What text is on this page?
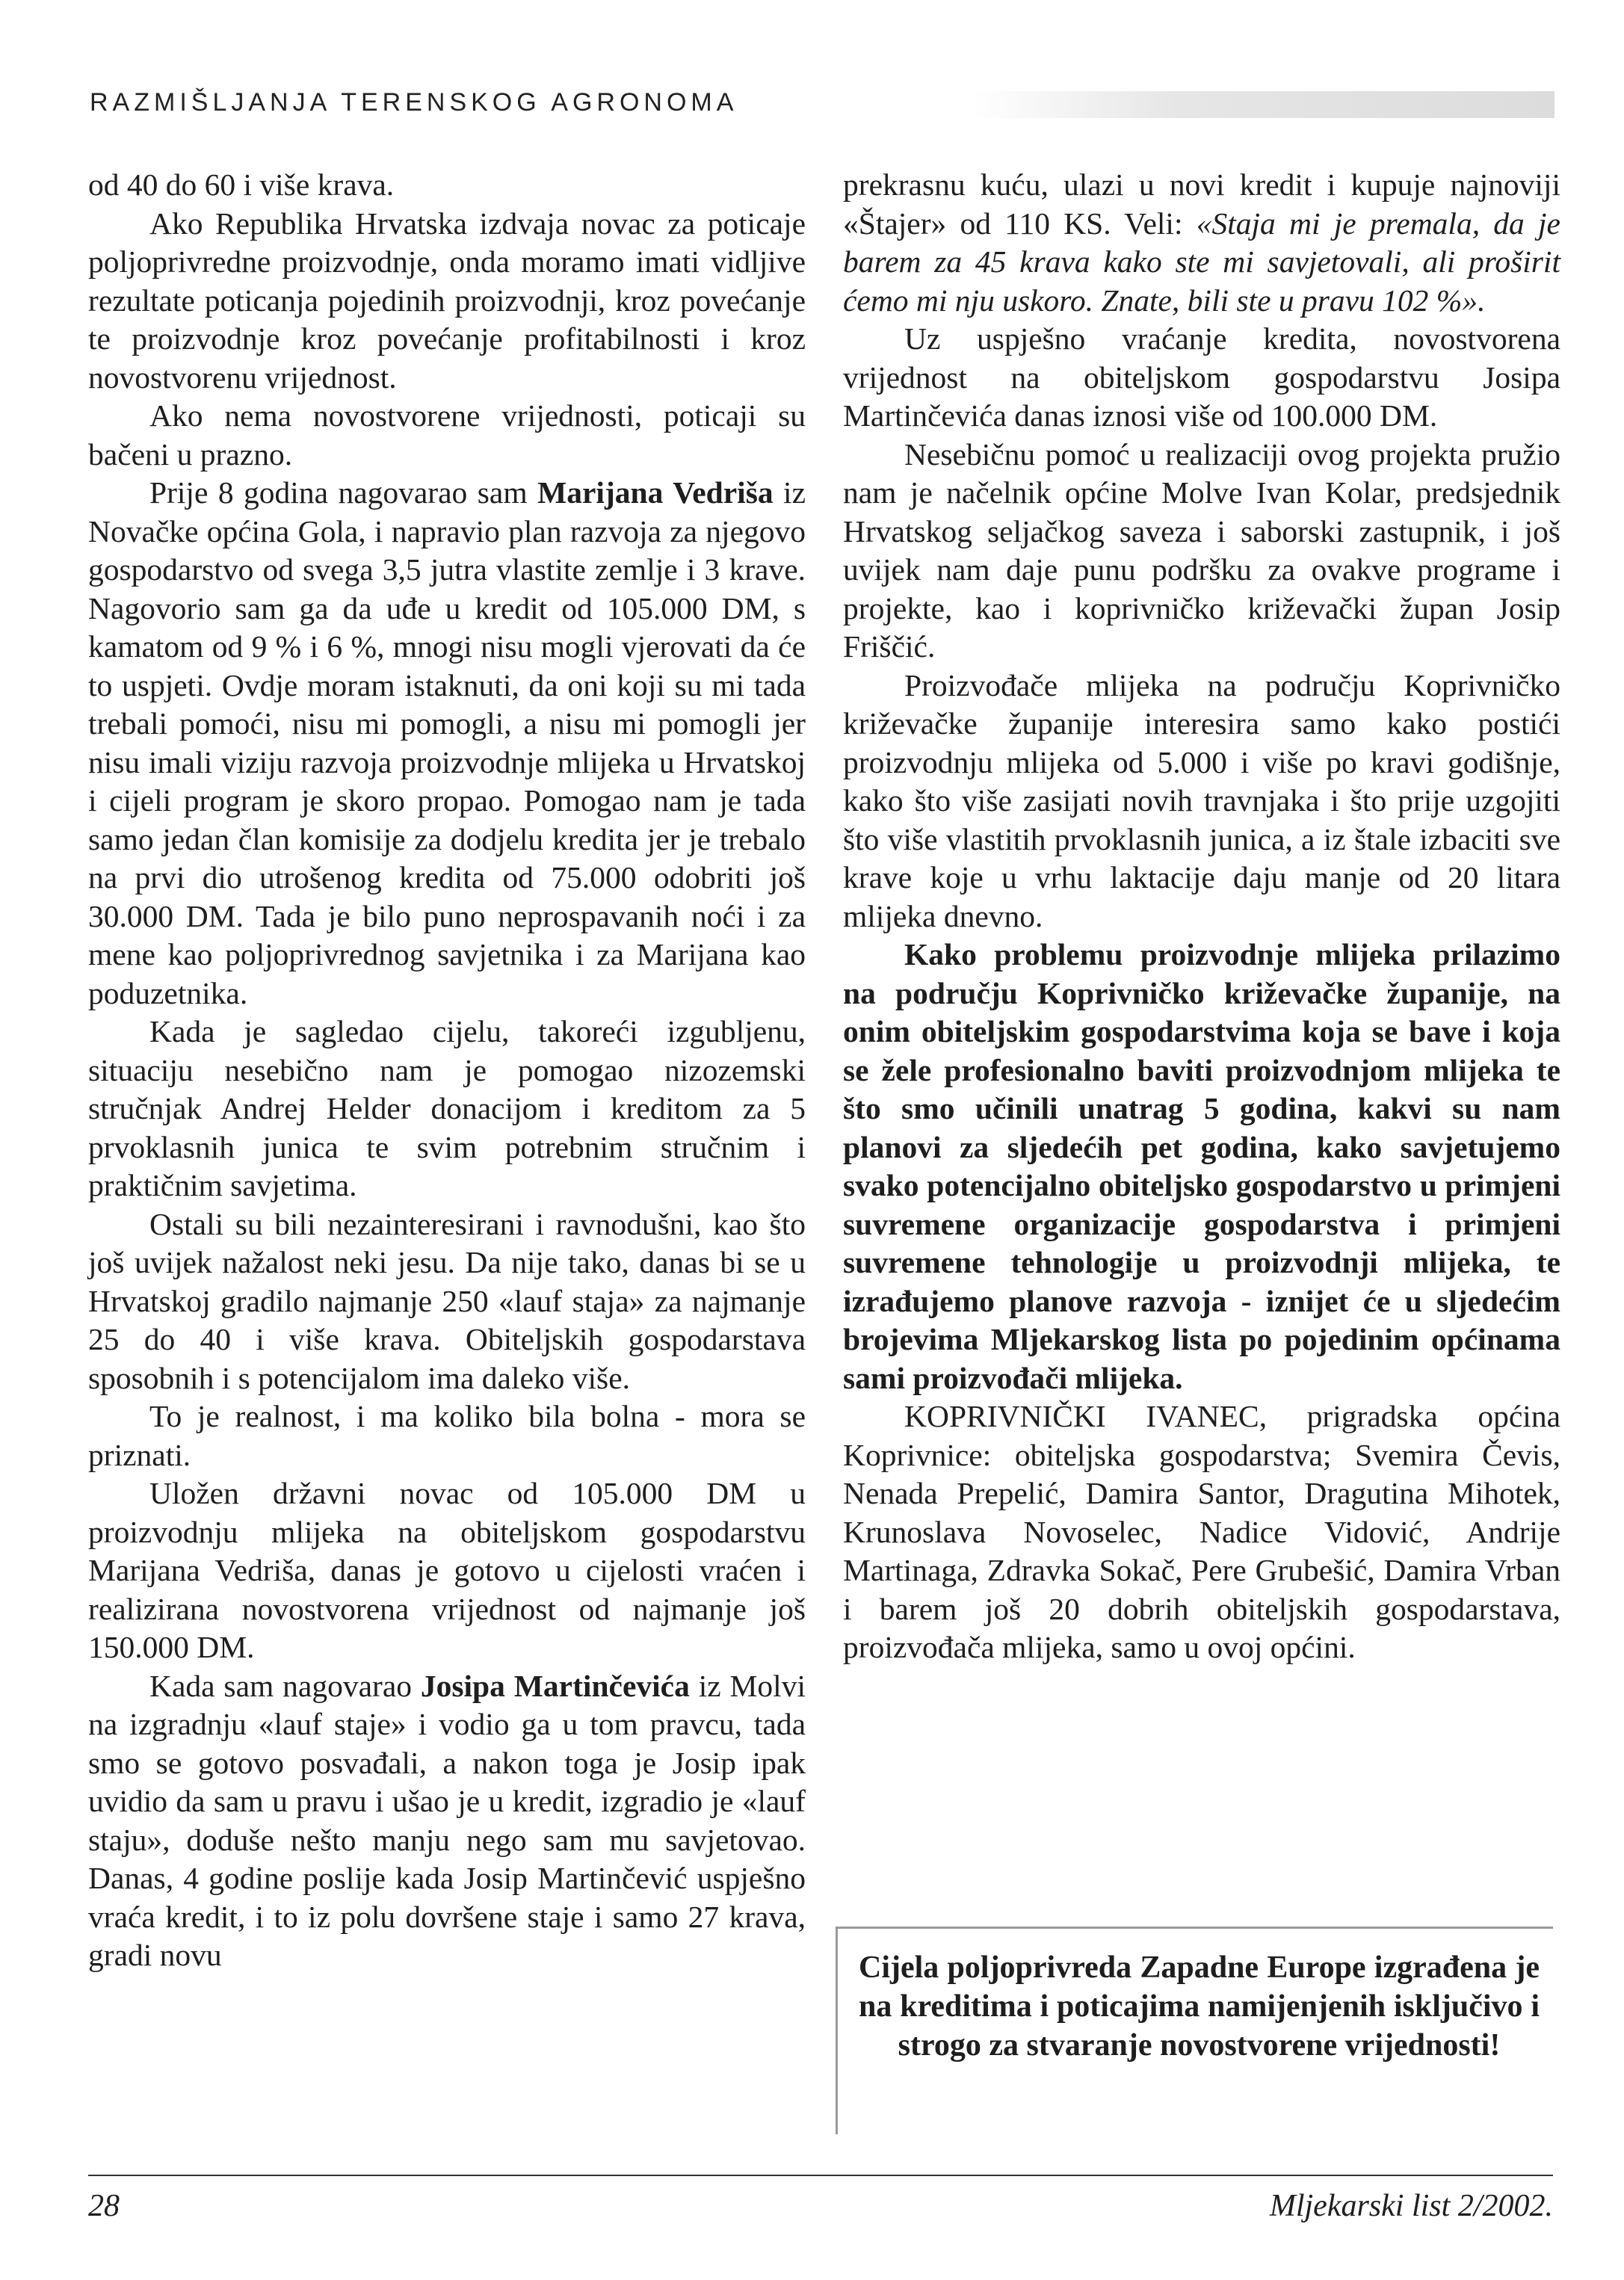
RAZMIŠLJANJA TERENSKOG AGRONOMA

od 40 do 60 i više krava.

Ako Republika Hrvatska izdvaja novac za poticaje poljoprivredne proizvodnje, onda moramo imati vidljive rezultate poticanja pojedinih proizvodnji, kroz povećanje te proizvodnje kroz povećanje profitabilnosti i kroz novostvorenu vrijednost.

Ako nema novostvorene vrijednosti, poticaji su bačeni u prazno.

Prije 8 godina nagovarao sam Marijana Vedriša iz Novačke općina Gola, i napravio plan razvoja za njegovo gospodarstvo od svega 3,5 jutra vlastite zemlje i 3 krave. Nagovorio sam ga da uđe u kredit od 105.000 DM, s kamatom od 9 % i 6 %, mnogi nisu mogli vjerovati da će to uspjeti. Ovdje moram istaknuti, da oni koji su mi tada trebali pomoći, nisu mi pomogli, a nisu mi pomogli jer nisu imali viziju razvoja proizvodnje mlijeka u Hrvatskoj i cijeli program je skoro propao. Pomogao nam je tada samo jedan član komisije za dodjelu kredita jer je trebalo na prvi dio utrošenog kredita od 75.000 odobriti još 30.000 DM. Tada je bilo puno neprospavanih noći i za mene kao poljoprivrednog savjetnika i za Marijana kao poduzetnika.

Kada je sagledao cijelu, takoreći izgubljenu, situaciju nesebično nam je pomogao nizozemski stručnjak Andrej Helder donacijom i kreditom za 5 prvoklasnih junica te svim potrebnim stručnim i praktičnim savjetima.

Ostali su bili nezainteresirani i ravnodušni, kao što još uvijek nažalost neki jesu. Da nije tako, danas bi se u Hrvatskoj gradilo najmanje 250 «lauf staja» za najmanje 25 do 40 i više krava. Obiteljskih gospodarstava sposobnih i s potencijalom ima daleko više.

To je realnost, i ma koliko bila bolna - mora se priznati.

Uložen državni novac od 105.000 DM u proizvodnju mlijeka na obiteljskom gospodarstvu Marijana Vedriša, danas je gotovo u cijelosti vraćen i realizirana novostvorena vrijednost od najmanje još 150.000 DM.

Kada sam nagovarao Josipa Martinčevića iz Molvi na izgradnju «lauf staje» i vodio ga u tom pravcu, tada smo se gotovo posvađali, a nakon toga je Josip ipak uvidio da sam u pravu i ušao je u kredit, izgradio je «lauf staju», doduše nešto manju nego sam mu savjetovao. Danas, 4 godine poslije kada Josip Martinčević uspješno vraća kredit, i to iz polu dovršene staje i samo 27 krava, gradi novu

prekrasnu kuću, ulazi u novi kredit i kupuje najnoviji «Štajer» od 110 KS. Veli: «Staja mi je premala, da je barem za 45 krava kako ste mi savjetovali, ali proširit ćemo mi nju uskoro. Znate, bili ste u pravu 102 %».

Uz uspješno vraćanje kredita, novostvorena vrijednost na obiteljskom gospodarstvu Josipa Martinčevića danas iznosi više od 100.000 DM.

Nesebičnu pomoć u realizaciji ovog projekta pružio nam je načelnik općine Molve Ivan Kolar, predsjednik Hrvatskog seljačkog saveza i saborski zastupnik, i još uvijek nam daje punu podršku za ovakve programe i projekte, kao i koprivničko križevački župan Josip Friščić.

Proizvođače mlijeka na području Koprivničko križevačke županije interesira samo kako postići proizvodnju mlijeka od 5.000 i više po kravi godišnje, kako što više zasijati novih travnjaka i što prije uzgojiti što više vlastitih prvoklasnih junica, a iz štale izbaciti sve krave koje u vrhu laktacije daju manje od 20 litara mlijeka dnevno.

Kako problemu proizvodnje mlijeka prilazimo na području Koprivničko križevačke županije, na onim obiteljskim gospodarstvima koja se bave i koja se žele profesionalno baviti proizvodnjom mlijeka te što smo učinili unatrag 5 godina, kakvi su nam planovi za sljedećih pet godina, kako savjetujemo svako potencijalno obiteljsko gospodarstvo u primjeni suvremene organizacije gospodarstva i primjeni suvremene tehnologije u proizvodnji mlijeka, te izrađujemo planove razvoja - iznijet će u sljedećim brojevima Mljekarskog lista po pojedinim općinama sami proizvođači mlijeka.

KOPRIVNIČKI IVANEC, prigradska općina Koprivnice: obiteljska gospodarstva; Svemira Čevis, Nenada Prepelić, Damira Santor, Dragutina Mihotek, Krunoslava Novoselec, Nadice Vidović, Andrije Martinaga, Zdravka Sokač, Pere Grubešić, Damira Vrban i barem još 20 dobrih obiteljskih gospodarstava, proizvođača mlijeka, samo u ovoj općini.

Cijela poljoprivreda Zapadne Europe izgrađena je na kreditima i poticajima namijenjenih isključivo i strogo za stvaranje novostvorene vrijednosti!
28	Mljekarski list 2/2002.
